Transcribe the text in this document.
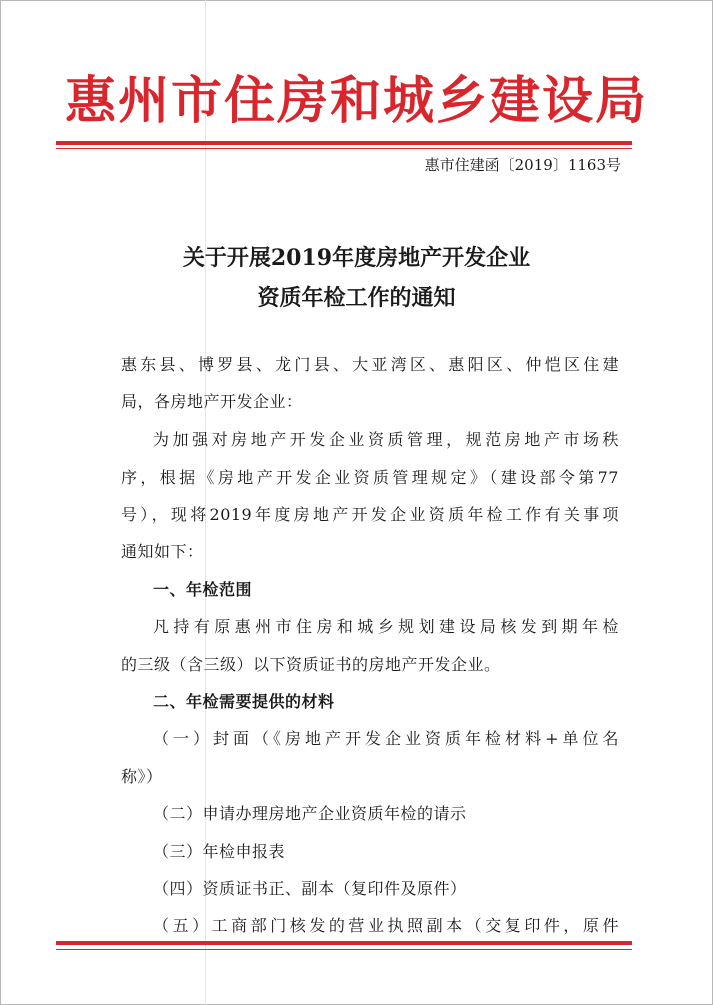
惠州市住房和城乡建设局
惠市住建函〔2019〕1163号
关于开展2019年度房地产开发企业
资质年检工作的通知
惠东县、博罗县、龙门县、大亚湾区、惠阳区、仲恺区住建
局，各房地产开发企业：
为加强对房地产开发企业资质管理，规范房地产市场秩
序，根据《房地产开发企业资质管理规定》（建设部令第77
号），现将2019年度房地产开发企业资质年检工作有关事项
通知如下：
一、年检范围
凡持有原惠州市住房和城乡规划建设局核发到期年检
的三级（含三级）以下资质证书的房地产开发企业。
二、年检需要提供的材料
（一）封面（《房地产开发企业资质年检材料+单位名
称》）
（二）申请办理房地产企业资质年检的请示
（三）年检申报表
（四）资质证书正、副本（复印件及原件）
（五）工商部门核发的营业执照副本（交复印件，原件
